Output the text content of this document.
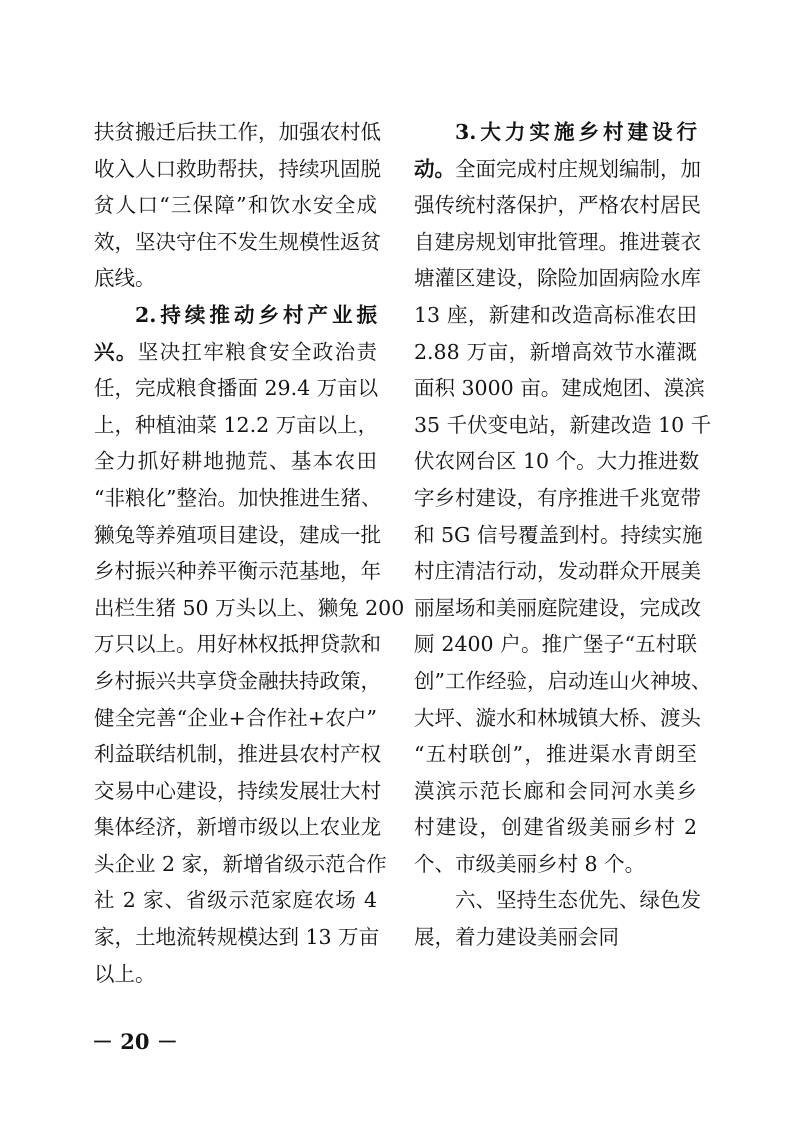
扶贫搬迁后扶工作，加强农村低
收入人口救助帮扶，持续巩固脱
贫人口“三保障”和饮水安全成
效，坚决守住不发生规模性返贫
底线。
2.持续推动乡村产业振
兴。坚决扛牢粮食安全政治责
任，完成粮食播面 29.4 万亩以
上，种植油菜 12.2 万亩以上，
全力抓好耕地抛荒、基本农田
“非粮化”整治。加快推进生猪、
獭兔等养殖项目建设，建成一批
乡村振兴种养平衡示范基地，年
出栏生猪 50 万头以上、獭兔 200
万只以上。用好林权抵押贷款和
乡村振兴共享贷金融扶持政策，
健全完善“企业+合作社+农户”
利益联结机制，推进县农村产权
交易中心建设，持续发展壮大村
集体经济，新增市级以上农业龙
头企业 2 家，新增省级示范合作
社 2 家、省级示范家庭农场 4
家，土地流转规模达到 13 万亩
以上。
3.大力实施乡村建设行
动。全面完成村庄规划编制，加
强传统村落保护，严格农村居民
自建房规划审批管理。推进蓑衣
塘灌区建设，除险加固病险水库
13 座，新建和改造高标准农田
2.88 万亩，新增高效节水灌溉
面积 3000 亩。建成炮团、漠滨
35 千伏变电站，新建改造 10 千
伏农网台区 10 个。大力推进数
字乡村建设，有序推进千兆宽带
和 5G 信号覆盖到村。持续实施
村庄清洁行动，发动群众开展美
丽屋场和美丽庭院建设，完成改
厕 2400 户。推广堡子“五村联
创”工作经验，启动连山火神坡、
大坪、漩水和林城镇大桥、渡头
“五村联创”，推进渠水青朗至
漠滨示范长廊和会同河水美乡
村建设，创建省级美丽乡村 2
个、市级美丽乡村 8 个。
六、坚持生态优先、绿色发
展，着力建设美丽会同
－ 20 －
